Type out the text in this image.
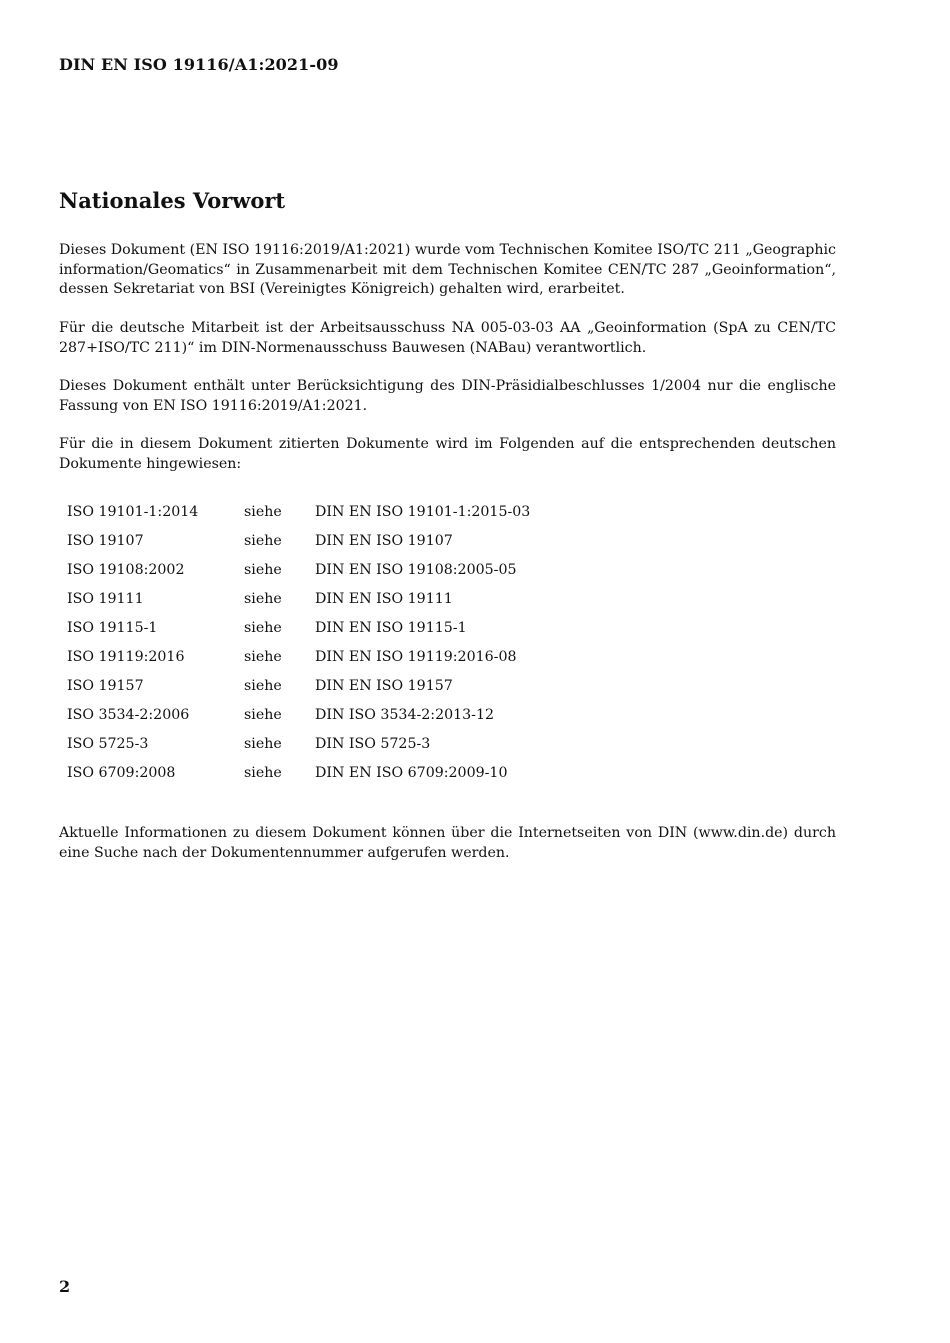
DIN EN ISO 19116/A1:2021-09
Nationales Vorwort

Dieses Dokument (EN ISO 19116:2019/A1:2021) wurde vom Technischen Komitee ISO/TC 211 „Geographic information/Geomatics“ in Zusammenarbeit mit dem Technischen Komitee CEN/TC 287 „Geoinformation“, dessen Sekretariat von BSI (Vereinigtes Königreich) gehalten wird, erarbeitet.

Für die deutsche Mitarbeit ist der Arbeitsausschuss NA 005-03-03 AA „Geoinformation (SpA zu CEN/TC 287+ISO/TC 211)“ im DIN-Normenausschuss Bauwesen (NABau) verantwortlich.

Dieses Dokument enthält unter Berücksichtigung des DIN-Präsidialbeschlusses 1/2004 nur die englische Fassung von EN ISO 19116:2019/A1:2021.

Für die in diesem Dokument zitierten Dokumente wird im Folgenden auf die entsprechenden deutschen Dokumente hingewiesen:

ISO 19101-1:2014	siehe	DIN EN ISO 19101-1:2015-03
ISO 19107	siehe	DIN EN ISO 19107
ISO 19108:2002	siehe	DIN EN ISO 19108:2005-05
ISO 19111	siehe	DIN EN ISO 19111
ISO 19115-1	siehe	DIN EN ISO 19115-1
ISO 19119:2016	siehe	DIN EN ISO 19119:2016-08
ISO 19157	siehe	DIN EN ISO 19157
ISO 3534-2:2006	siehe	DIN ISO 3534-2:2013-12
ISO 5725-3	siehe	DIN ISO 5725-3
ISO 6709:2008	siehe	DIN EN ISO 6709:2009-10

Aktuelle Informationen zu diesem Dokument können über die Internetseiten von DIN (www.din.de) durch eine Suche nach der Dokumentennummer aufgerufen werden.

2
